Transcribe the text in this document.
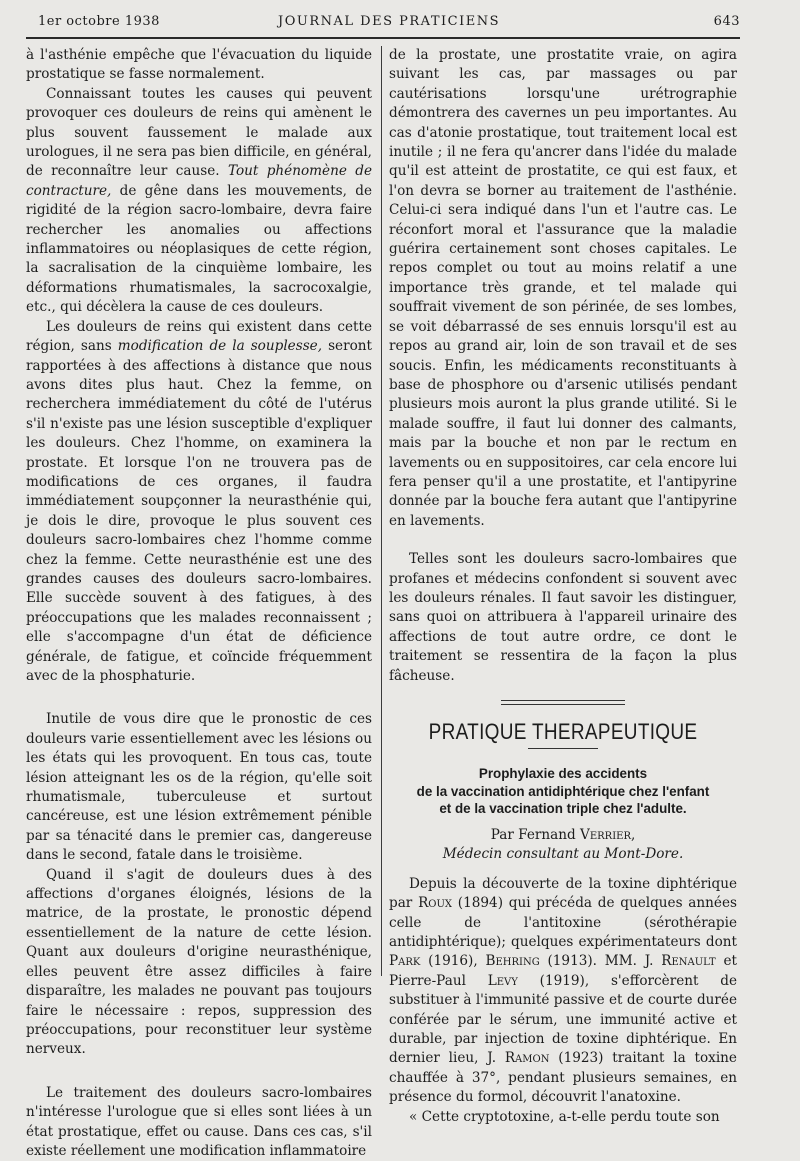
1er octobre 1938	JOURNAL DES PRATICIENS	643

à l'asthénie empêche que l'évacuation du liquide prostatique se fasse normalement.

Connaissant toutes les causes qui peuvent provoquer ces douleurs de reins qui amènent le plus souvent faussement le malade aux urologues, il ne sera pas bien difficile, en général, de reconnaître leur cause. Tout phénomène de contracture, de gêne dans les mouvements, de rigidité de la région sacro-lombaire, devra faire rechercher les anomalies ou affections inflammatoires ou néoplasiques de cette région, la sacralisation de la cinquième lombaire, les déformations rhumatismales, la sacrocoxalgie, etc., qui décèlera la cause de ces douleurs.

Les douleurs de reins qui existent dans cette région, sans modification de la souplesse, seront rapportées à des affections à distance que nous avons dites plus haut. Chez la femme, on recherchera immédiatement du côté de l'utérus s'il n'existe pas une lésion susceptible d'expliquer les douleurs. Chez l'homme, on examinera la prostate. Et lorsque l'on ne trouvera pas de modifications de ces organes, il faudra immédiatement soupçonner la neurasthénie qui, je dois le dire, provoque le plus souvent ces douleurs sacro-lombaires chez l'homme comme chez la femme. Cette neurasthénie est une des grandes causes des douleurs sacro-lombaires. Elle succède souvent à des fatigues, à des préoccupations que les malades reconnaissent ; elle s'accompagne d'un état de déficience générale, de fatigue, et coïncide fréquemment avec de la phosphaturie.

Inutile de vous dire que le pronostic de ces douleurs varie essentiellement avec les lésions ou les états qui les provoquent. En tous cas, toute lésion atteignant les os de la région, qu'elle soit rhumatismale, tuberculeuse et surtout cancéreuse, est une lésion extrêmement pénible par sa ténacité dans le premier cas, dangereuse dans le second, fatale dans le troisième.

Quand il s'agit de douleurs dues à des affections d'organes éloignés, lésions de la matrice, de la prostate, le pronostic dépend essentiellement de la nature de cette lésion. Quant aux douleurs d'origine neurasthénique, elles peuvent être assez difficiles à faire disparaître, les malades ne pouvant pas toujours faire le nécessaire : repos, suppression des préoccupations, pour reconstituer leur système nerveux.

Le traitement des douleurs sacro-lombaires n'intéresse l'urologue que si elles sont liées à un état prostatique, effet ou cause. Dans ces cas, s'il existe réellement une modification inflammatoire

de la prostate, une prostatite vraie, on agira suivant les cas, par massages ou par cautérisations lorsqu'une urétrographie démontrera des cavernes un peu importantes. Au cas d'atonie prostatique, tout traitement local est inutile ; il ne fera qu'ancrer dans l'idée du malade qu'il est atteint de prostatite, ce qui est faux, et l'on devra se borner au traitement de l'asthénie. Celui-ci sera indiqué dans l'un et l'autre cas. Le réconfort moral et l'assurance que la maladie guérira certainement sont choses capitales. Le repos complet ou tout au moins relatif a une importance très grande, et tel malade qui souffrait vivement de son périnée, de ses lombes, se voit débarrassé de ses ennuis lorsqu'il est au repos au grand air, loin de son travail et de ses soucis. Enfin, les médicaments reconstituants à base de phosphore ou d'arsenic utilisés pendant plusieurs mois auront la plus grande utilité. Si le malade souffre, il faut lui donner des calmants, mais par la bouche et non par le rectum en lavements ou en suppositoires, car cela encore lui fera penser qu'il a une prostatite, et l'antipyrine donnée par la bouche fera autant que l'antipyrine en lavements.

Telles sont les douleurs sacro-lombaires que profanes et médecins confondent si souvent avec les douleurs rénales. Il faut savoir les distinguer, sans quoi on attribuera à l'appareil urinaire des affections de tout autre ordre, ce dont le traitement se ressentira de la façon la plus fâcheuse.

PRATIQUE THERAPEUTIQUE
Prophylaxie des accidents
de la vaccination antidiphtérique chez l'enfant
et de la vaccination triple chez l'adulte.
Par Fernand Verrier,
Médecin consultant au Mont-Dore.

Depuis la découverte de la toxine diphtérique par Roux (1894) qui précéda de quelques années celle de l'antitoxine (sérothérapie antidiphtérique); quelques expérimentateurs dont Park (1916), Behring (1913). MM. J. Renault et Pierre-Paul Levy (1919), s'efforcèrent de substituer à l'immunité passive et de courte durée conférée par le sérum, une immunité active et durable, par injection de toxine diphtérique. En dernier lieu, J. Ramon (1923) traitant la toxine chauffée à 37°, pendant plusieurs semaines, en présence du formol, découvrit l'anatoxine.

« Cette cryptotoxine, a-t-elle perdu toute son
